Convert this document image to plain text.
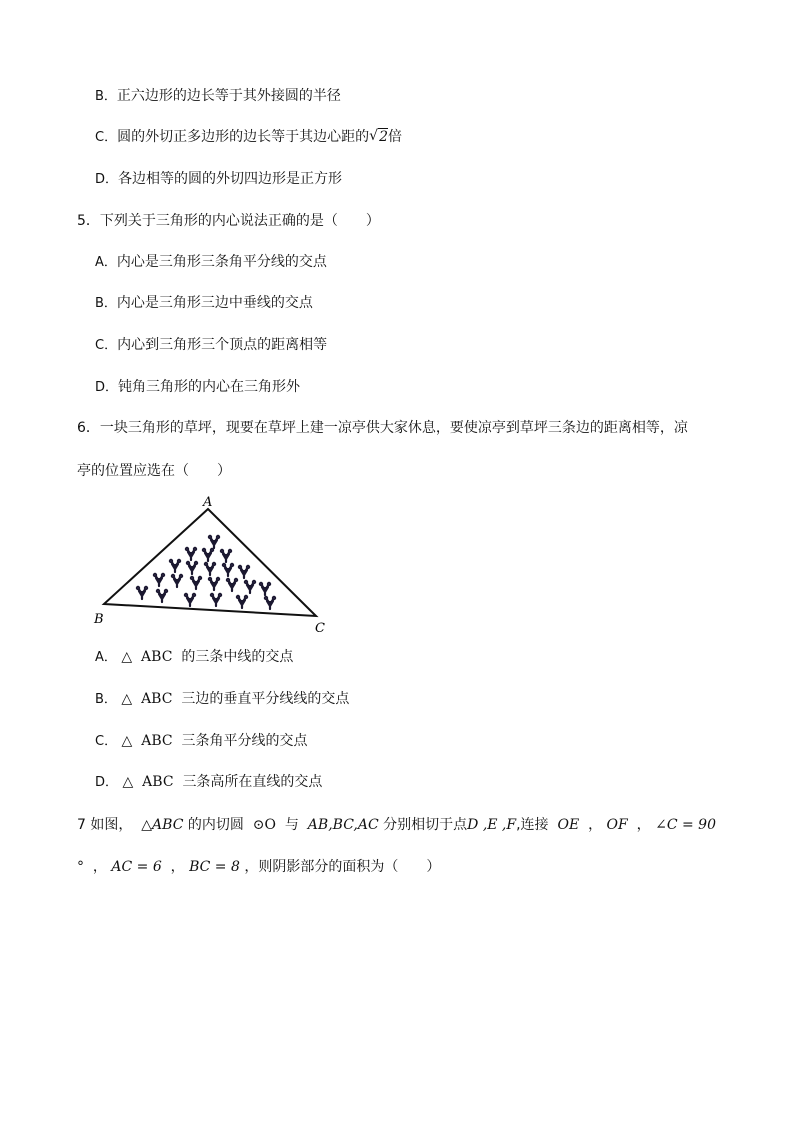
B．正六边形的边长等于其外接圆的半径
C．圆的外切正多边形的边长等于其边心距的 √ 2倍
D．各边相等的圆的外切四边形是正方形
5．下列关于三角形的内心说法正确的是（　　）
A．内心是三角形三条角平分线的交点
B．内心是三角形三边中垂线的交点
C．内心到三角形三个顶点的距离相等
D．钝角三角形的内心在三角形外
6．一块三角形的草坪，现要在草坪上建一凉亭供大家休息，要使凉亭到草坪三条边的距离相等，凉
亭的位置应选在（　　）
A
B
C
A． △ ABC 的三条中线的交点
B． △ ABC 三边的垂直平分线线的交点
C． △ ABC 三条角平分线的交点
D． △ ABC 三条高所在直线的交点
7 如图， △ABC 的内切圆 ⊙O 与 AB,BC,AC 分别相切于点D ,E ,F,连接 OE ， OF ， ∠C = 90
° ， AC = 6 ， BC = 8 ，则阴影部分的面积为（　　）
